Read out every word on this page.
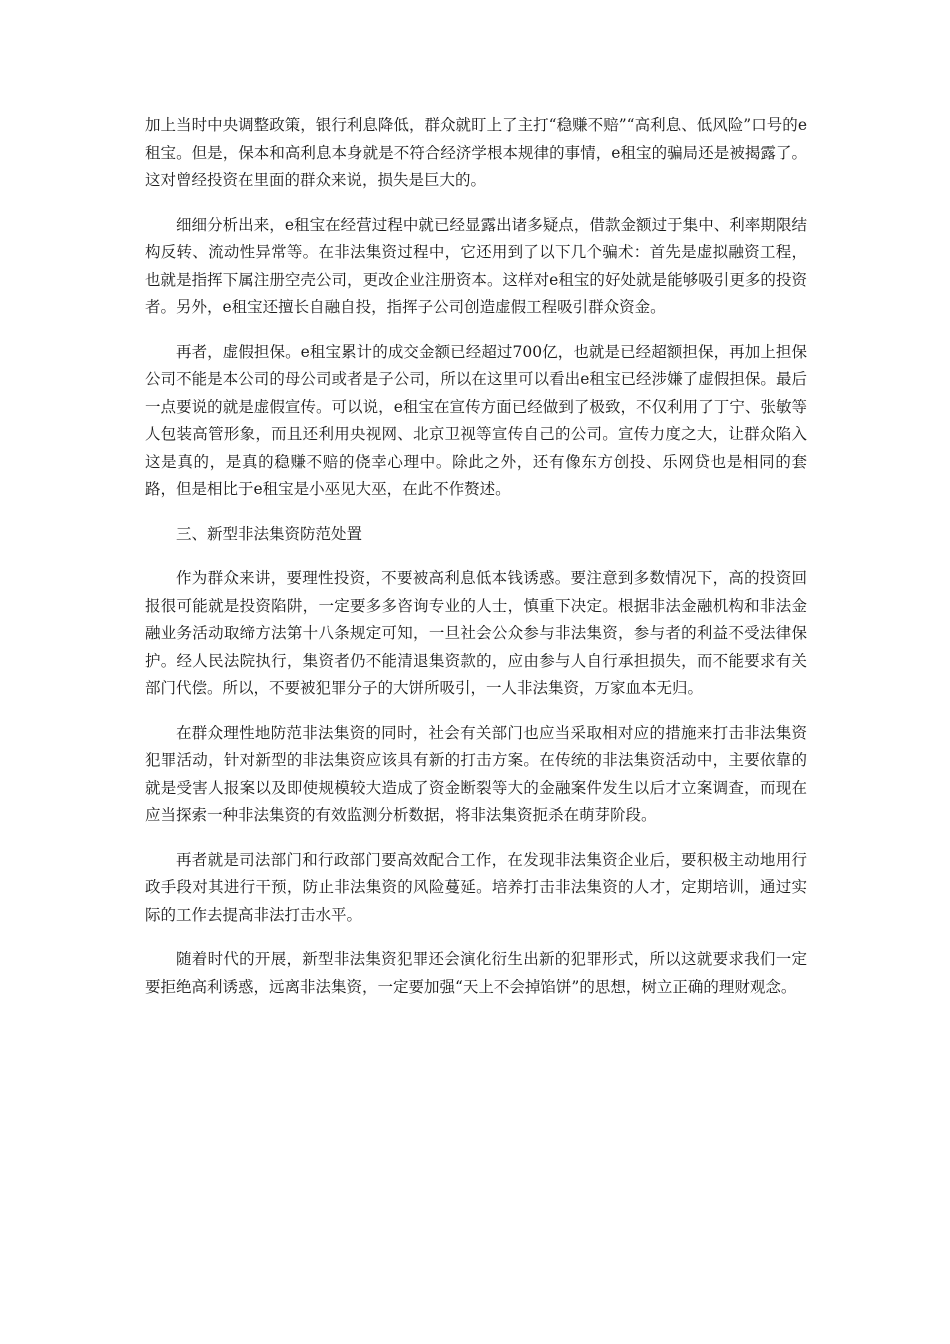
加上当时中央调整政策，银行利息降低，群众就盯上了主打“稳赚不赔”“高利息、低风险”口号的e租宝。但是，保本和高利息本身就是不符合经济学根本规律的事情，e租宝的骗局还是被揭露了。这对曾经投资在里面的群众来说，损失是巨大的。

细细分析出来，e租宝在经营过程中就已经显露出诸多疑点，借款金额过于集中、利率期限结构反转、流动性异常等。在非法集资过程中，它还用到了以下几个骗术：首先是虚拟融资工程，也就是指挥下属注册空壳公司，更改企业注册资本。这样对e租宝的好处就是能够吸引更多的投资者。另外，e租宝还擅长自融自投，指挥子公司创造虚假工程吸引群众资金。

再者，虚假担保。e租宝累计的成交金额已经超过700亿，也就是已经超额担保，再加上担保公司不能是本公司的母公司或者是子公司，所以在这里可以看出e租宝已经涉嫌了虚假担保。最后一点要说的就是虚假宣传。可以说，e租宝在宣传方面已经做到了极致，不仅利用了丁宁、张敏等人包装高管形象，而且还利用央视网、北京卫视等宣传自己的公司。宣传力度之大，让群众陷入这是真的，是真的稳赚不赔的侥幸心理中。除此之外，还有像东方创投、乐网贷也是相同的套路，但是相比于e租宝是小巫见大巫，在此不作赘述。

三、新型非法集资防范处置

作为群众来讲，要理性投资，不要被高利息低本钱诱惑。要注意到多数情况下，高的投资回报很可能就是投资陷阱，一定要多多咨询专业的人士，慎重下决定。根据非法金融机构和非法金融业务活动取缔方法第十八条规定可知，一旦社会公众参与非法集资，参与者的利益不受法律保护。经人民法院执行，集资者仍不能清退集资款的，应由参与人自行承担损失，而不能要求有关部门代偿。所以，不要被犯罪分子的大饼所吸引，一人非法集资，万家血本无归。

在群众理性地防范非法集资的同时，社会有关部门也应当采取相对应的措施来打击非法集资犯罪活动，针对新型的非法集资应该具有新的打击方案。在传统的非法集资活动中，主要依靠的就是受害人报案以及即使规模较大造成了资金断裂等大的金融案件发生以后才立案调查，而现在应当探索一种非法集资的有效监测分析数据，将非法集资扼杀在萌芽阶段。

再者就是司法部门和行政部门要高效配合工作，在发现非法集资企业后，要积极主动地用行政手段对其进行干预，防止非法集资的风险蔓延。培养打击非法集资的人才，定期培训，通过实际的工作去提高非法打击水平。

随着时代的开展，新型非法集资犯罪还会演化衍生出新的犯罪形式，所以这就要求我们一定要拒绝高利诱惑，远离非法集资，一定要加强“天上不会掉馅饼”的思想，树立正确的理财观念。
